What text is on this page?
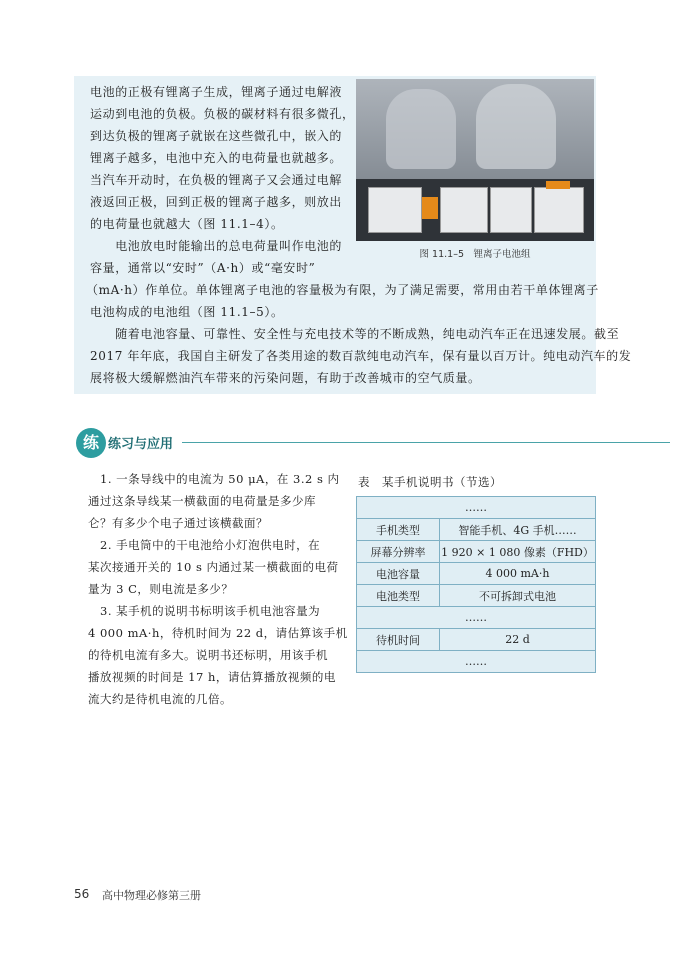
电池的正极有锂离子生成，锂离子通过电解液

运动到电池的负极。负极的碳材料有很多微孔，

到达负极的锂离子就嵌在这些微孔中，嵌入的

锂离子越多，电池中充入的电荷量也就越多。

当汽车开动时，在负极的锂离子又会通过电解

液返回正极，回到正极的锂离子越多，则放出

的电荷量也就越大（图 11.1–4）。

　　电池放电时能输出的总电荷量叫作电池的

容量，通常以“安时”（A·h）或“毫安时”

（mA·h）作单位。单体锂离子电池的容量极为有限，为了满足需要，常用由若干单体锂离子

电池构成的电池组（图 11.1–5）。

　　随着电池容量、可靠性、安全性与充电技术等的不断成熟，纯电动汽车正在迅速发展。截至

2017 年年底，我国自主研发了各类用途的数百款纯电动汽车，保有量以百万计。纯电动汽车的发

展将极大缓解燃油汽车带来的污染问题，有助于改善城市的空气质量。

图 11.1–5　锂离子电池组
练 练习与应用

　1. 一条导线中的电流为 50 μA，在 3.2 s 内

通过这条导线某一横截面的电荷量是多少库

仑？有多少个电子通过该横截面？

　2. 手电筒中的干电池给小灯泡供电时，在

某次接通开关的 10 s 内通过某一横截面的电荷

量为 3 C，则电流是多少？

　3. 某手机的说明书标明该手机电池容量为

4 000 mA·h，待机时间为 22 d，请估算该手机

的待机电流有多大。说明书还标明，用该手机

播放视频的时间是 17 h，请估算播放视频的电

流大约是待机电流的几倍。

表　某手机说明书（节选）
……	
手机类型	智能手机、4G 手机……
屏幕分辨率	1 920 × 1 080 像素（FHD）
电池容量	4 000 mA·h
电池类型	不可拆卸式电池
……	
待机时间	22 d
……	
56 高中物理必修第三册
